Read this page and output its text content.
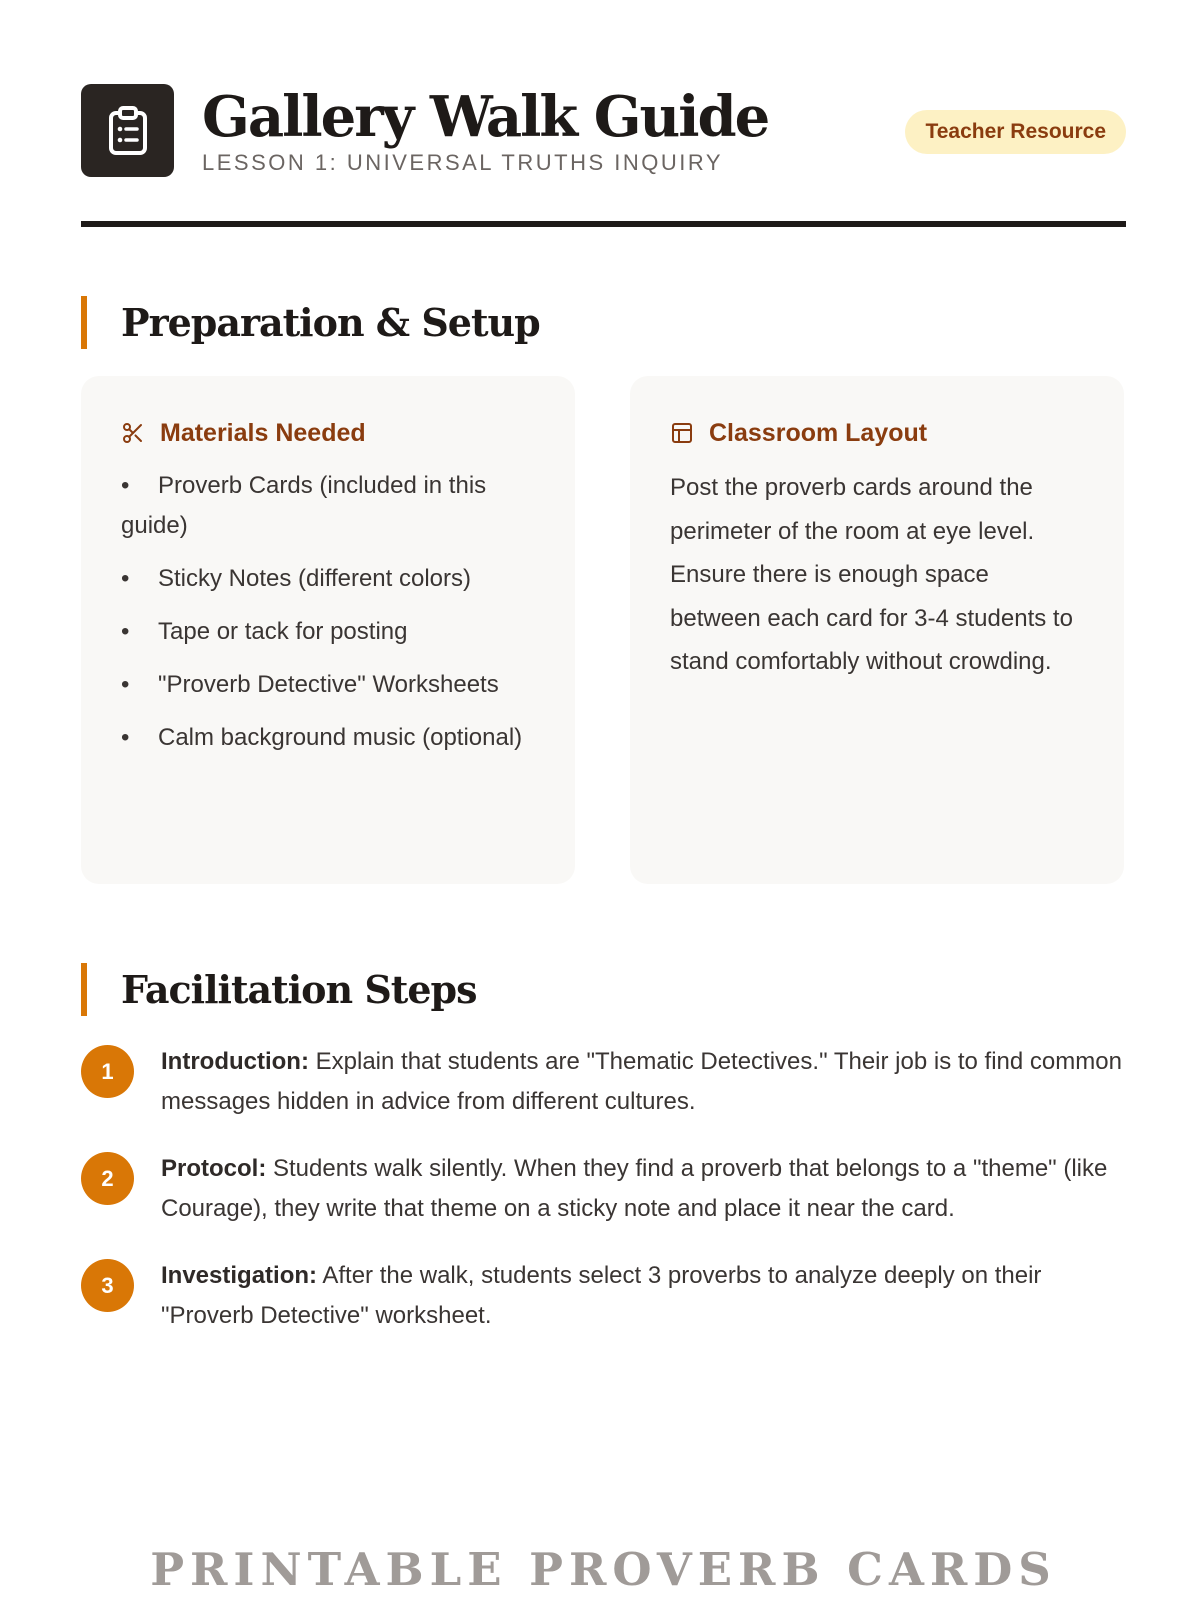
Gallery Walk Guide
LESSON 1: UNIVERSAL TRUTHS INQUIRY
Teacher Resource
Preparation & Setup
Materials Needed
• Proverb Cards (included in this guide)
• Sticky Notes (different colors)
• Tape or tack for posting
• "Proverb Detective" Worksheets
• Calm background music (optional)
Classroom Layout

Post the proverb cards around the perimeter of the room at eye level. Ensure there is enough space between each card for 3-4 students to stand comfortably without crowding.

Facilitation Steps
1	Introduction: Explain that students are "Thematic Detectives." Their job is to find common messages hidden in advice from different cultures.

2	Protocol: Students walk silently. When they find a proverb that belongs to a "theme" (like Courage), they write that theme on a sticky note and place it near the card.

3	Investigation: After the walk, students select 3 proverbs to analyze deeply on their "Proverb Detective" worksheet.

PRINTABLE PROVERB CARDS
